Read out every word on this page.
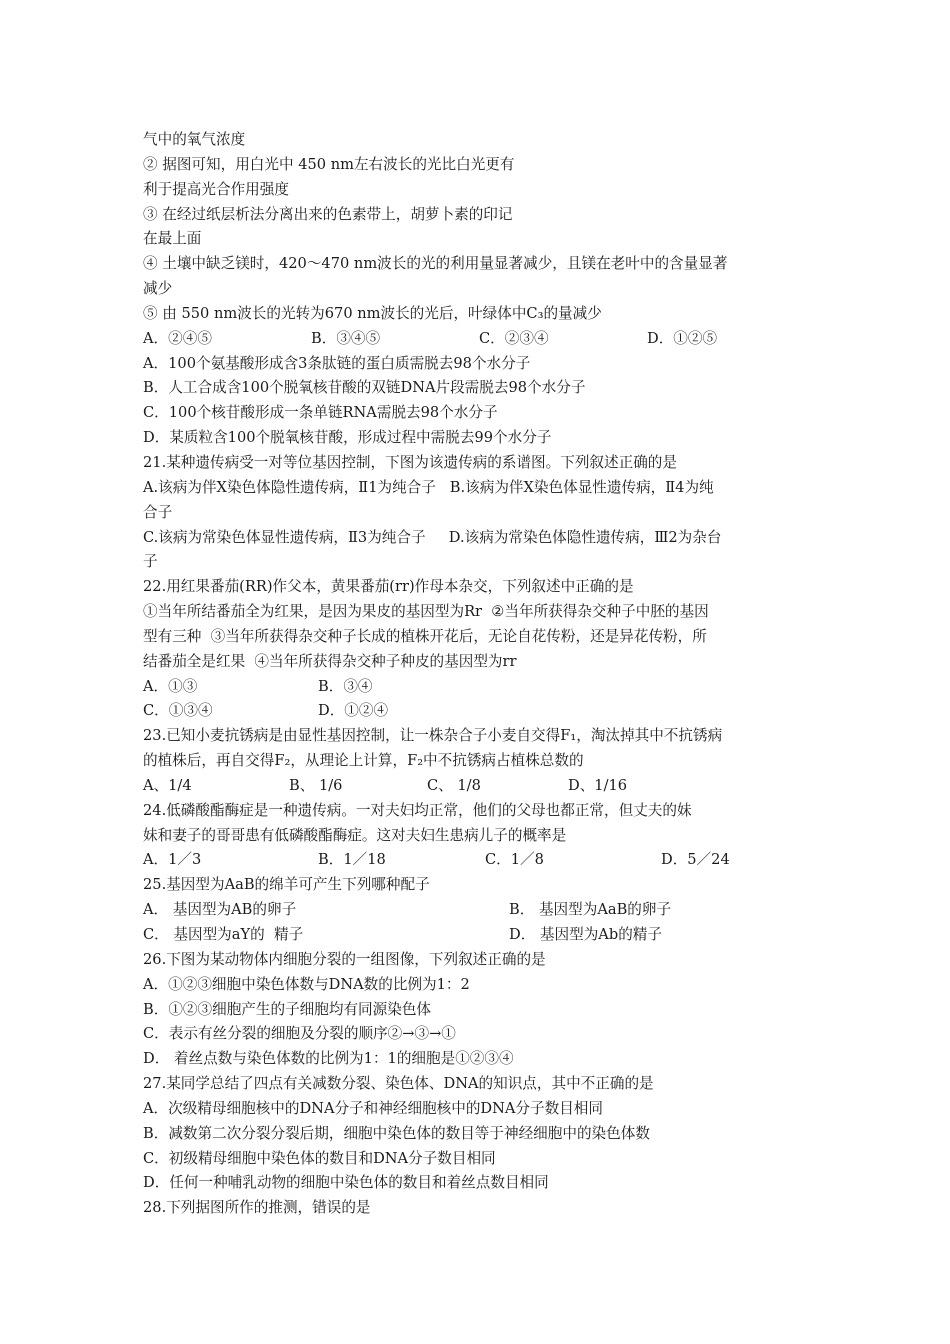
气中的氧气浓度
② 据图可知，用白光中 450 nm左右波长的光比白光更有
利于提高光合作用强度
③ 在经过纸层析法分离出来的色素带上，胡萝卜素的印记
在最上面
④ 土壤中缺乏镁时，420～470 nm波长的光的利用量显著减少，且镁在老叶中的含量显著
减少
⑤ 由 550 nm波长的光转为670 nm波长的光后，叶绿体中C₃的量减少

A．②④⑤

	B．③④⑤

	C．②③④

	D．①②⑤

A．100个氨基酸形成含3条肽链的蛋白质需脱去98个水分子
B．人工合成含100个脱氧核苷酸的双链DNA片段需脱去98个水分子
C．100个核苷酸形成一条单链RNA需脱去98个水分子
D．某质粒含100个脱氧核苷酸，形成过程中需脱去99个水分子
21.某种遗传病受一对等位基因控制，下图为该遗传病的系谱图。下列叙述正确的是
A.该病为伴X染色体隐性遗传病，Ⅱ1为纯合子   B.该病为伴X染色体显性遗传病，Ⅱ4为纯
合子
C.该病为常染色体显性遗传病，Ⅱ3为纯合子     D.该病为常染色体隐性遗传病，Ⅲ2为杂台
子
22.用红果番茄(RR)作父本，黄果番茄(rr)作母本杂交，下列叙述中正确的是
①当年所结番茄全为红果，是因为果皮的基因型为Rr  ②当年所获得杂交种子中胚的基因
型有三种  ③当年所获得杂交种子长成的植株开花后，无论自花传粉，还是异花传粉，所
结番茄全是红果  ④当年所获得杂交种子种皮的基因型为rr

A．①③

	B．③④

C．①③④

	D．①②④

23.已知小麦抗锈病是由显性基因控制，让一株杂合子小麦自交得F₁，淘汰掉其中不抗锈病
的植株后，再自交得F₂，从理论上计算，F₂中不抗锈病占植株总数的

A、1/4

	B、 1/6

	C、 1/8

	D、1/16

24.低磷酸酯酶症是一种遗传病。一对夫妇均正常，他们的父母也都正常，但丈夫的妹
妹和妻子的哥哥患有低磷酸酯酶症。这对夫妇生患病儿子的概率是

A．1／3

	B．1／18

	C．1／8

	D．5／24

25.基因型为AaB的绵羊可产生下列哪种配子

A． 基因型为AB的卵子

	B． 基因型为AaB的卵子

C． 基因型为aY的  精子

	D． 基因型为Ab的精子

26.下图为某动物体内细胞分裂的一组图像，下列叙述正确的是
A．①②③细胞中染色体数与DNA数的比例为1：2
B．①②③细胞产生的子细胞均有同源染色体
C．表示有丝分裂的细胞及分裂的顺序②→③→①
D． 着丝点数与染色体数的比例为1：1的细胞是①②③④
27.某同学总结了四点有关减数分裂、染色体、DNA的知识点，其中不正确的是
A．次级精母细胞核中的DNA分子和神经细胞核中的DNA分子数目相同
B．减数第二次分裂分裂后期，细胞中染色体的数目等于神经细胞中的染色体数
C．初级精母细胞中染色体的数目和DNA分子数目相同
D．任何一种哺乳动物的细胞中染色体的数目和着丝点数目相同
28.下列据图所作的推测，错误的是
